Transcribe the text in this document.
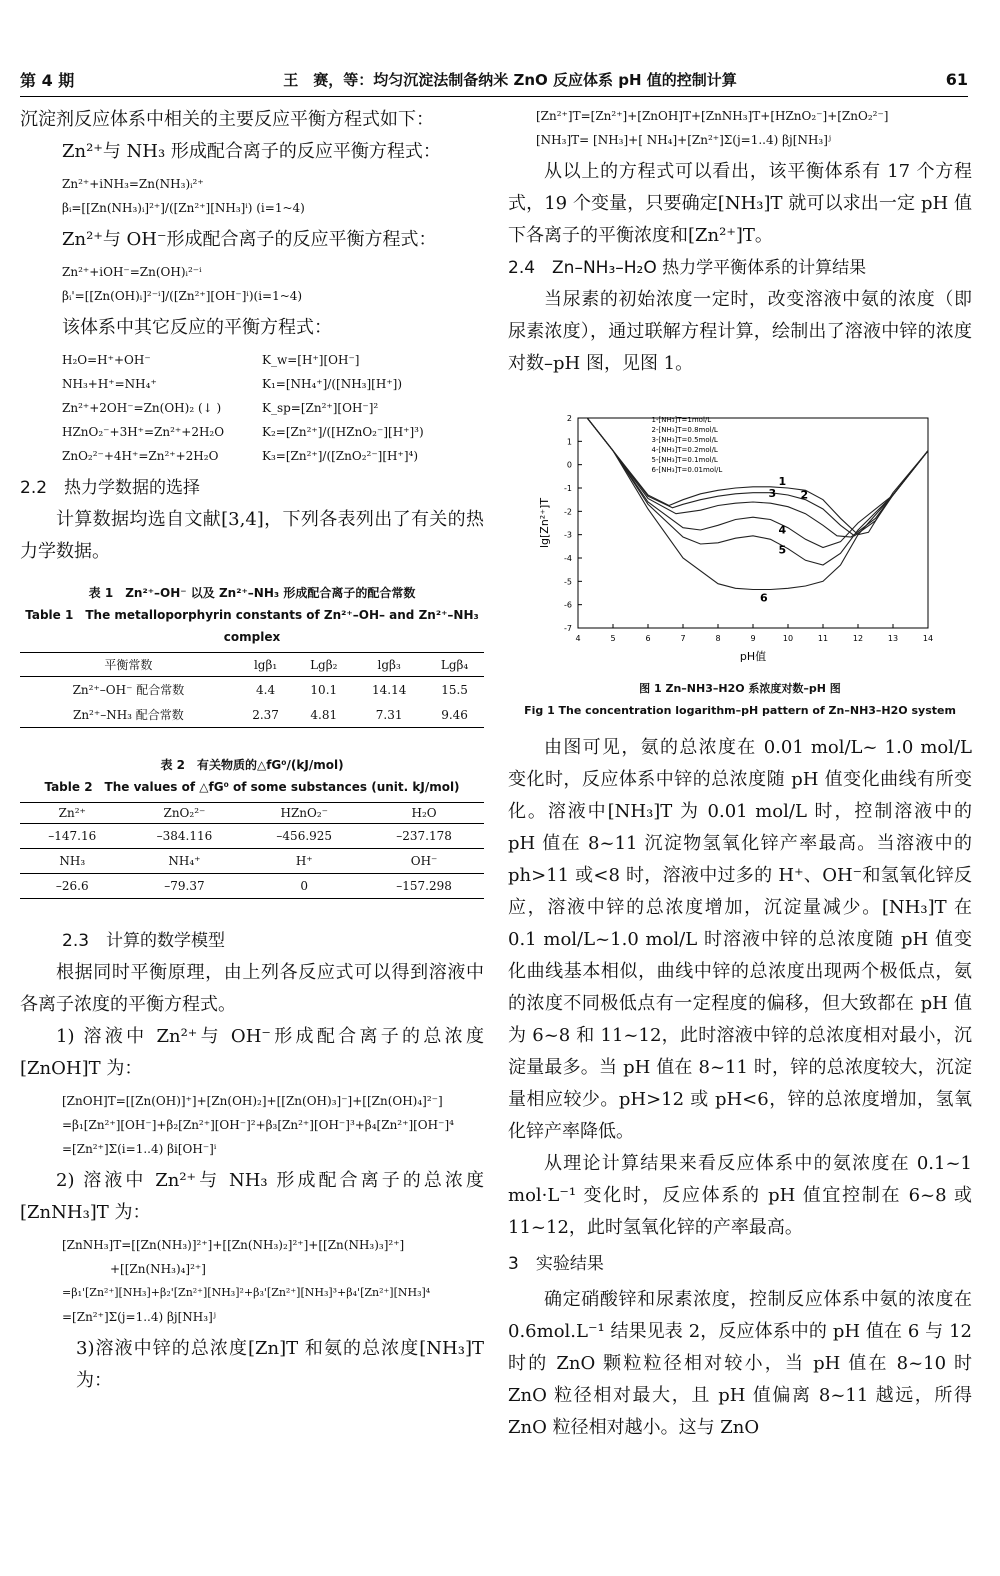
第 4 期	王　赛，等：均匀沉淀法制备纳米 ZnO 反应体系 pH 值的控制计算	61

沉淀剂反应体系中相关的主要反应平衡方程式如下：

Zn²⁺与 NH₃ 形成配合离子的反应平衡方程式：

Zn²⁺+iNH₃=Zn(NH₃)ᵢ²⁺
βᵢ=[[Zn(NH₃)ᵢ]²⁺]/([Zn²⁺][NH₃]ⁱ) (i=1~4)

Zn²⁺与 OH⁻形成配合离子的反应平衡方程式：

Zn²⁺+iOH⁻=Zn(OH)ᵢ²⁻ⁱ
βᵢ'=[[Zn(OH)ᵢ]²⁻ⁱ]/([Zn²⁺][OH⁻]ⁱ)(i=1~4)

该体系中其它反应的平衡方程式：

H₂O=H⁺+OH⁻	K_w=[H⁺][OH⁻]
NH₃+H⁺=NH₄⁺	K₁=[NH₄⁺]/([NH₃][H⁺])
Zn²⁺+2OH⁻=Zn(OH)₂ (↓ )	K_sp=[Zn²⁺][OH⁻]²
HZnO₂⁻+3H⁺=Zn²⁺+2H₂O	K₂=[Zn²⁺]/([HZnO₂⁻][H⁺]³)
ZnO₂²⁻+4H⁺=Zn²⁺+2H₂O	K₃=[Zn²⁺]/([ZnO₂²⁻][H⁺]⁴)
2.2　热力学数据的选择

计算数据均选自文献[3,4]，下列各表列出了有关的热力学数据。

表 1　Zn²⁺–OH⁻ 以及 Zn²⁺–NH₃ 形成配合离子的配合常数
Table 1　The metalloporphyrin constants of Zn²⁺–OH– and Zn²⁺–NH₃ complex
平衡常数	lgβ₁	Lgβ₂	lgβ₃	Lgβ₄
Zn²⁺–OH⁻ 配合常数	4.4	10.1	14.14	15.5
Zn²⁺–NH₃ 配合常数	2.37	4.81	7.31	9.46
表 2　有关物质的△fG⁰/(kJ/mol)
Table 2　The values of △fG⁰ of some substances (unit. kJ/mol)
Zn²⁺	ZnO₂²⁻	HZnO₂⁻	H₂O
–147.16	–384.116	–456.925	–237.178
NH₃	NH₄⁺	H⁺	OH⁻
–26.6	–79.37	0	–157.298
2.3　计算的数学模型

根据同时平衡原理，由上列各反应式可以得到溶液中各离子浓度的平衡方程式。

1) 溶液中 Zn²⁺与 OH⁻形成配合离子的总浓度[ZnOH]T 为：

[ZnOH]T=[[Zn(OH)]⁺]+[Zn(OH)₂]+[[Zn(OH)₃]⁻]+[[Zn(OH)₄]²⁻]
=β₁[Zn²⁺][OH⁻]+β₂[Zn²⁺][OH⁻]²+β₃[Zn²⁺][OH⁻]³+β₄[Zn²⁺][OH⁻]⁴
=[Zn²⁺]Σ(i=1..4) βi[OH⁻]ⁱ

2) 溶液中 Zn²⁺与 NH₃ 形成配合离子的总浓度[ZnNH₃]T 为：

[ZnNH₃]T=[[Zn(NH₃)]²⁺]+[[Zn(NH₃)₂]²⁺]+[[Zn(NH₃)₃]²⁺]
+[[Zn(NH₃)₄]²⁺]
=β₁'[Zn²⁺][NH₃]+β₂'[Zn²⁺][NH₃]²+β₃'[Zn²⁺][NH₃]³+β₄'[Zn²⁺][NH₃]⁴
=[Zn²⁺]Σ(j=1..4) βj[NH₃]ʲ

3)溶液中锌的总浓度[Zn]T 和氨的总浓度[NH₃]T 为：

[Zn²⁺]T=[Zn²⁺]+[ZnOH]T+[ZnNH₃]T+[HZnO₂⁻]+[ZnO₂²⁻]
[NH₃]T= [NH₃]+[ NH₄]+[Zn²⁺]Σ(j=1..4) βj[NH₃]ʲ

从以上的方程式可以看出，该平衡体系有 17 个方程式，19 个变量，只要确定[NH₃]T 就可以求出一定 pH 值下各离子的平衡浓度和[Zn²⁺]T。

2.4　Zn–NH₃–H₂O 热力学平衡体系的计算结果

当尿素的初始浓度一定时，改变溶液中氨的浓度（即尿素浓度），通过联解方程计算，绘制出了溶液中锌的浓度对数–pH 图，见图 1。

4	5	6	7	8	9	10	11	12	13	14
-7
-6
-5
-4
-3
-2
-1
0
1
2
pH值
lg[Zn²⁺]T
1
1-[NH₃]T=1mol/L
2
2-[NH₃]T=0.8mol/L
3
3-[NH₃]T=0.5mol/L
4
4-[NH₃]T=0.2mol/L
5
5-[NH₃]T=0.1mol/L
6
6-[NH₃]T=0.01mol/L
图 1 Zn–NH3–H2O 系浓度对数–pH 图
Fig 1 The concentration logarithm–pH pattern of Zn–NH3–H2O system

由图可见，氨的总浓度在 0.01 mol/L~ 1.0 mol/L 变化时，反应体系中锌的总浓度随 pH 值变化曲线有所变化。溶液中[NH₃]T 为 0.01 mol/L 时，控制溶液中的 pH 值在 8~11 沉淀物氢氧化锌产率最高。当溶液中的 ph>11 或<8 时，溶液中过多的 H⁺、OH⁻和氢氧化锌反应，溶液中锌的总浓度增加，沉淀量减少。[NH₃]T 在 0.1 mol/L~1.0 mol/L 时溶液中锌的总浓度随 pH 值变化曲线基本相似，曲线中锌的总浓度出现两个极低点，氨的浓度不同极低点有一定程度的偏移，但大致都在 pH 值为 6~8 和 11~12，此时溶液中锌的总浓度相对最小，沉淀量最多。当 pH 值在 8~11 时，锌的总浓度较大，沉淀量相应较少。pH>12 或 pH<6，锌的总浓度增加，氢氧化锌产率降低。

从理论计算结果来看反应体系中的氨浓度在 0.1~1 mol·L⁻¹ 变化时，反应体系的 pH 值宜控制在 6~8 或 11~12，此时氢氧化锌的产率最高。

3　实验结果

确定硝酸锌和尿素浓度，控制反应体系中氨的浓度在 0.6mol.L⁻¹ 结果见表 2，反应体系中的 pH 值在 6 与 12 时的 ZnO 颗粒粒径相对较小，当 pH 值在 8~10 时 ZnO 粒径相对最大，且 pH 值偏离 8~11 越远，所得 ZnO 粒径相对越小。这与 ZnO
